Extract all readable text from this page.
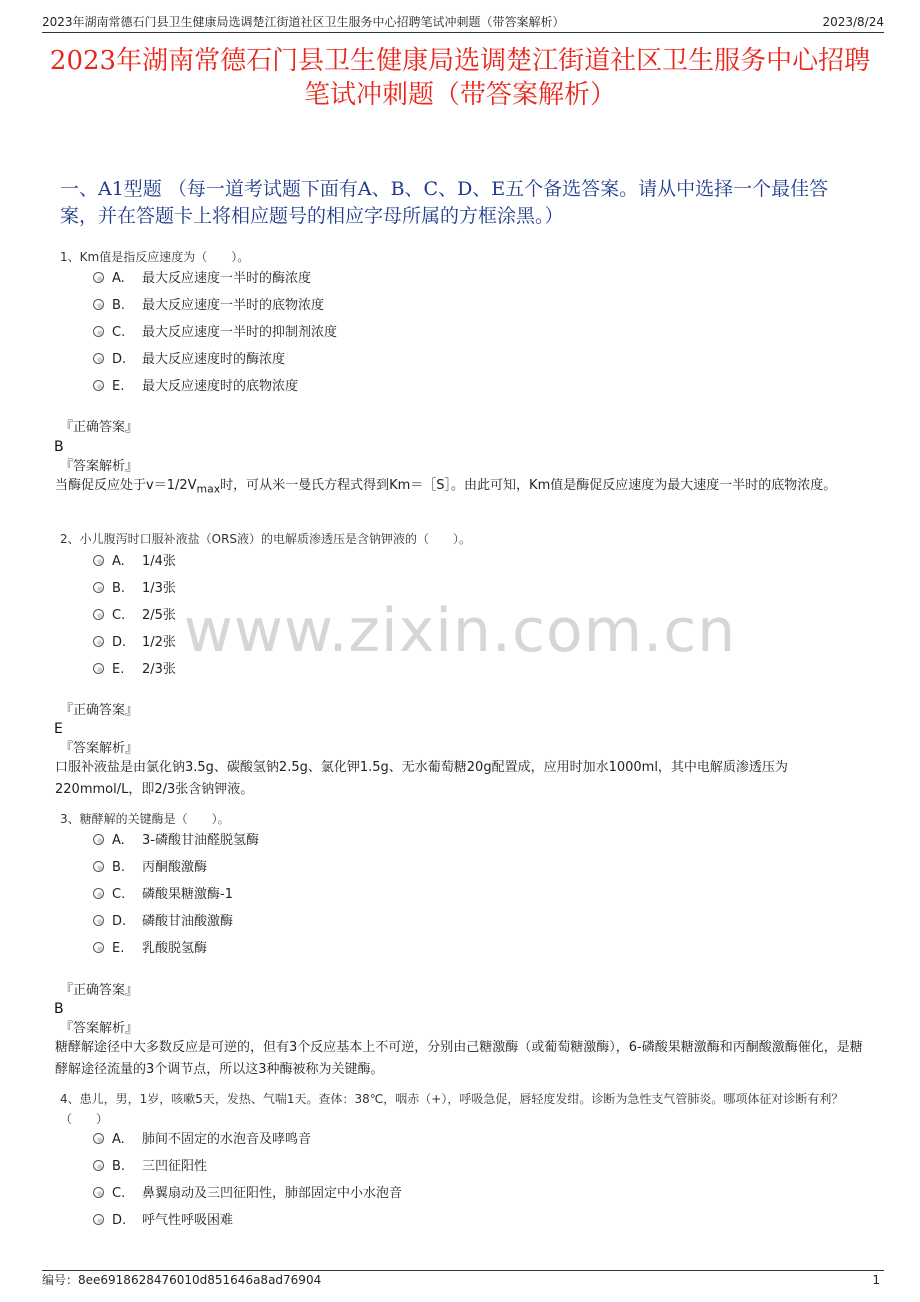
2023年湖南常德石门县卫生健康局选调楚江街道社区卫生服务中心招聘笔试冲刺题（带答案解析）	2023/8/24
2023年湖南常德石门县卫生健康局选调楚江街道社区卫生服务中心招聘笔试冲刺题（带答案解析）
一、A1型题 （每一道考试题下面有A、B、C、D、E五个备选答案。请从中选择一个最佳答案，并在答题卡上将相应题号的相应字母所属的方框涂黑。）
www.zixin.com.cn
1、Km值是指反应速度为（　　）。
A. 最大反应速度一半时的酶浓度
B. 最大反应速度一半时的底物浓度
C. 最大反应速度一半时的抑制剂浓度
D. 最大反应速度时的酶浓度
E. 最大反应速度时的底物浓度
『正确答案』
B
『答案解析』
当酶促反应处于$v=1/2V_{max}$时，可从米一曼氏方程式得到Km＝［S］。由此可知，Km值是酶促反应速度为最大速度一半时的底物浓度。
2、小儿腹泻时口服补液盐（ORS液）的电解质渗透压是含钠钾液的（　　）。
A. 1/4张
B. 1/3张
C. 2/5张
D. 1/2张
E. 2/3张
『正确答案』
E
『答案解析』
口服补液盐是由氯化钠3.5g、碳酸氢钠2.5g、氯化钾1.5g、无水葡萄糖20g配置成，应用时加水1000ml，其中电解质渗透压为220mmol/L，即2/3张含钠钾液。
3、糖酵解的关键酶是（　　）。
A. 3-磷酸甘油醛脱氢酶
B. 丙酮酸激酶
C. 磷酸果糖激酶-1
D. 磷酸甘油酸激酶
E. 乳酸脱氢酶
『正确答案』
B
『答案解析』
糖酵解途径中大多数反应是可逆的，但有3个反应基本上不可逆，分别由己糖激酶（或葡萄糖激酶），6-磷酸果糖激酶和丙酮酸激酶催化，是糖酵解途径流量的3个调节点，所以这3种酶被称为关键酶。
4、患儿，男，1岁，咳嗽5天，发热、气喘1天。查体：38℃，咽赤（+），呼吸急促，唇轻度发绀。诊断为急性支气管肺炎。哪项体征对诊断有利？（　　）
A. 肺间不固定的水泡音及哮鸣音
B. 三凹征阳性
C. 鼻翼扇动及三凹征阳性，肺部固定中小水泡音
D. 呼气性呼吸困难
编号：8ee6918628476010d851646a8ad76904	1
